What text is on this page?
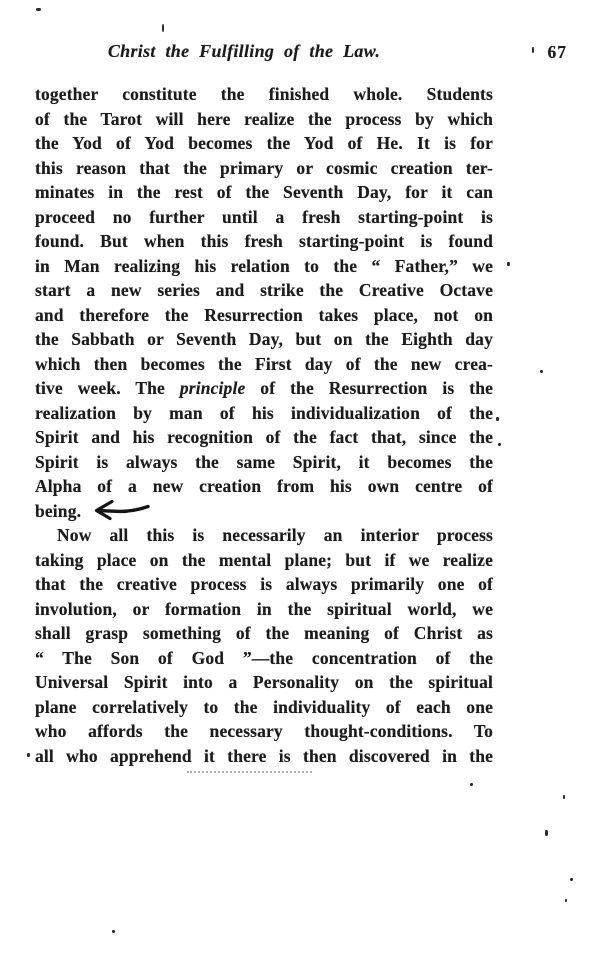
Christ the Fulfilling of the Law.	67
together constitute the finished whole. Students
of the Tarot will here realize the process by which
the Yod of Yod becomes the Yod of He. It is for
this reason that the primary or cosmic creation ter-
minates in the rest of the Seventh Day, for it can
proceed no further until a fresh starting-point is
found. But when this fresh starting-point is found
in Man realizing his relation to the “ Father,” we
start a new series and strike the Creative Octave
and therefore the Resurrection takes place, not on
the Sabbath or Seventh Day, but on the Eighth day
which then becomes the First day of the new crea-
tive week. The principle of the Resurrection is the
realization by man of his individualization of the
Spirit and his recognition of the fact that, since the
Spirit is always the same Spirit, it becomes the
Alpha of a new creation from his own centre of
being.
Now all this is necessarily an interior process
taking place on the mental plane; but if we realize
that the creative process is always primarily one of
involution, or formation in the spiritual world, we
shall grasp something of the meaning of Christ as
“ The Son of God ”—the concentration of the
Universal Spirit into a Personality on the spiritual
plane correlatively to the individuality of each one
who affords the necessary thought-conditions. To
all who apprehend it there is then discovered in the
